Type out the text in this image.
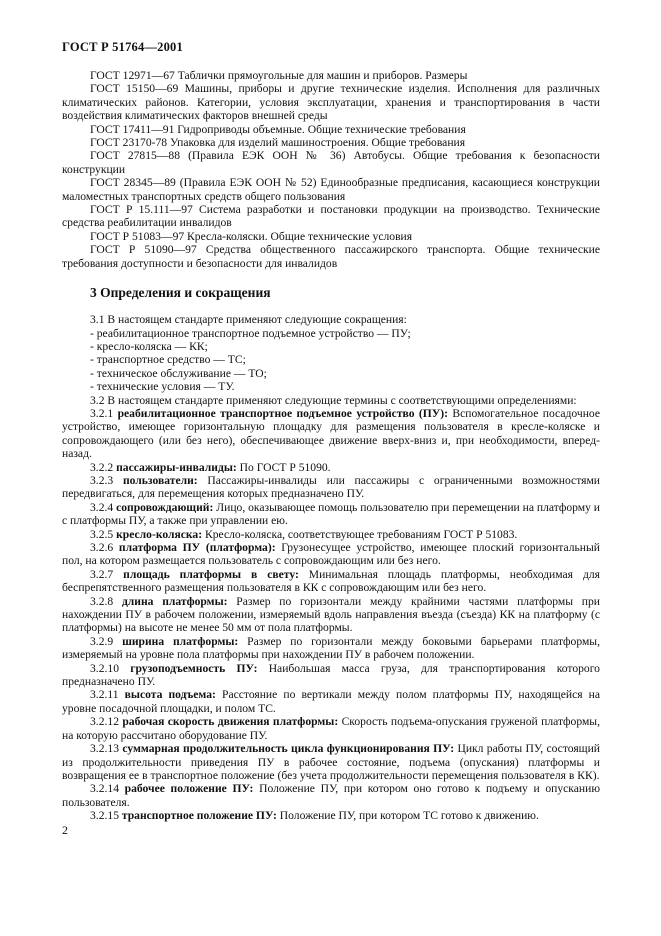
ГОСТ Р 51764—2001

ГОСТ 12971—67 Таблички прямоугольные для машин и приборов. Размеры

ГОСТ 15150—69 Машины, приборы и другие технические изделия. Исполнения для различных климатических районов. Категории, условия эксплуатации, хранения и транспортирования в части воздействия климатических факторов внешней среды

ГОСТ 17411—91 Гидроприводы объемные. Общие технические требования

ГОСТ 23170-78 Упаковка для изделий машиностроения. Общие требования

ГОСТ 27815—88 (Правила ЕЭК ООН № 36) Автобусы. Общие требования к безопасности конструкции

ГОСТ 28345—89 (Правила ЕЭК ООН № 52) Единообразные предписания, касающиеся конструкции маломестных транспортных средств общего пользования

ГОСТ Р 15.111—97 Система разработки и постановки продукции на производство. Технические средства реабилитации инвалидов

ГОСТ Р 51083—97 Кресла-коляски. Общие технические условия

ГОСТ Р 51090—97 Средства общественного пассажирского транспорта. Общие технические требования доступности и безопасности для инвалидов

3 Определения и сокращения

3.1 В настоящем стандарте применяют следующие сокращения:

- реабилитационное транспортное подъемное устройство — ПУ;

- кресло-коляска — КК;

- транспортное средство — ТС;

- техническое обслуживание — ТО;

- технические условия — ТУ.

3.2 В настоящем стандарте применяют следующие термины с соответствующими определениями:

3.2.1 реабилитационное транспортное подъемное устройство (ПУ): Вспомогательное посадочное устройство, имеющее горизонтальную площадку для размещения пользователя в кресле-коляске и сопровождающего (или без него), обеспечивающее движение вверх-вниз и, при необходимости, вперед-назад.

3.2.2 пассажиры-инвалиды: По ГОСТ Р 51090.

3.2.3 пользователи: Пассажиры-инвалиды или пассажиры с ограниченными возможностями передвигаться, для перемещения которых предназначено ПУ.

3.2.4 сопровождающий: Лицо, оказывающее помощь пользователю при перемещении на платформу и с платформы ПУ, а также при управлении ею.

3.2.5 кресло-коляска: Кресло-коляска, соответствующее требованиям ГОСТ Р 51083.

3.2.6 платформа ПУ (платформа): Грузонесущее устройство, имеющее плоский горизонтальный пол, на котором размещается пользователь с сопровождающим или без него.

3.2.7 площадь платформы в свету: Минимальная площадь платформы, необходимая для беспрепятственного размещения пользователя в КК с сопровождающим или без него.

3.2.8 длина платформы: Размер по горизонтали между крайними частями платформы при нахождении ПУ в рабочем положении, измеряемый вдоль направления въезда (съезда) КК на платформу (с платформы) на высоте не менее 50 мм от пола платформы.

3.2.9 ширина платформы: Размер по горизонтали между боковыми барьерами платформы, измеряемый на уровне пола платформы при нахождении ПУ в рабочем положении.

3.2.10 грузоподъемность ПУ: Наибольшая масса груза, для транспортирования которого предназначено ПУ.

3.2.11 высота подъема: Расстояние по вертикали между полом платформы ПУ, находящейся на уровне посадочной площадки, и полом ТС.

3.2.12 рабочая скорость движения платформы: Скорость подъема-опускания груженой платформы, на которую рассчитано оборудование ПУ.

3.2.13 суммарная продолжительность цикла функционирования ПУ: Цикл работы ПУ, состоящий из продолжительности приведения ПУ в рабочее состояние, подъема (опускания) платформы и возвращения ее в транспортное положение (без учета продолжительности перемещения пользователя в КК).

3.2.14 рабочее положение ПУ: Положение ПУ, при котором оно готово к подъему и опусканию пользователя.

3.2.15 транспортное положение ПУ: Положение ПУ, при котором ТС готово к движению.

2
